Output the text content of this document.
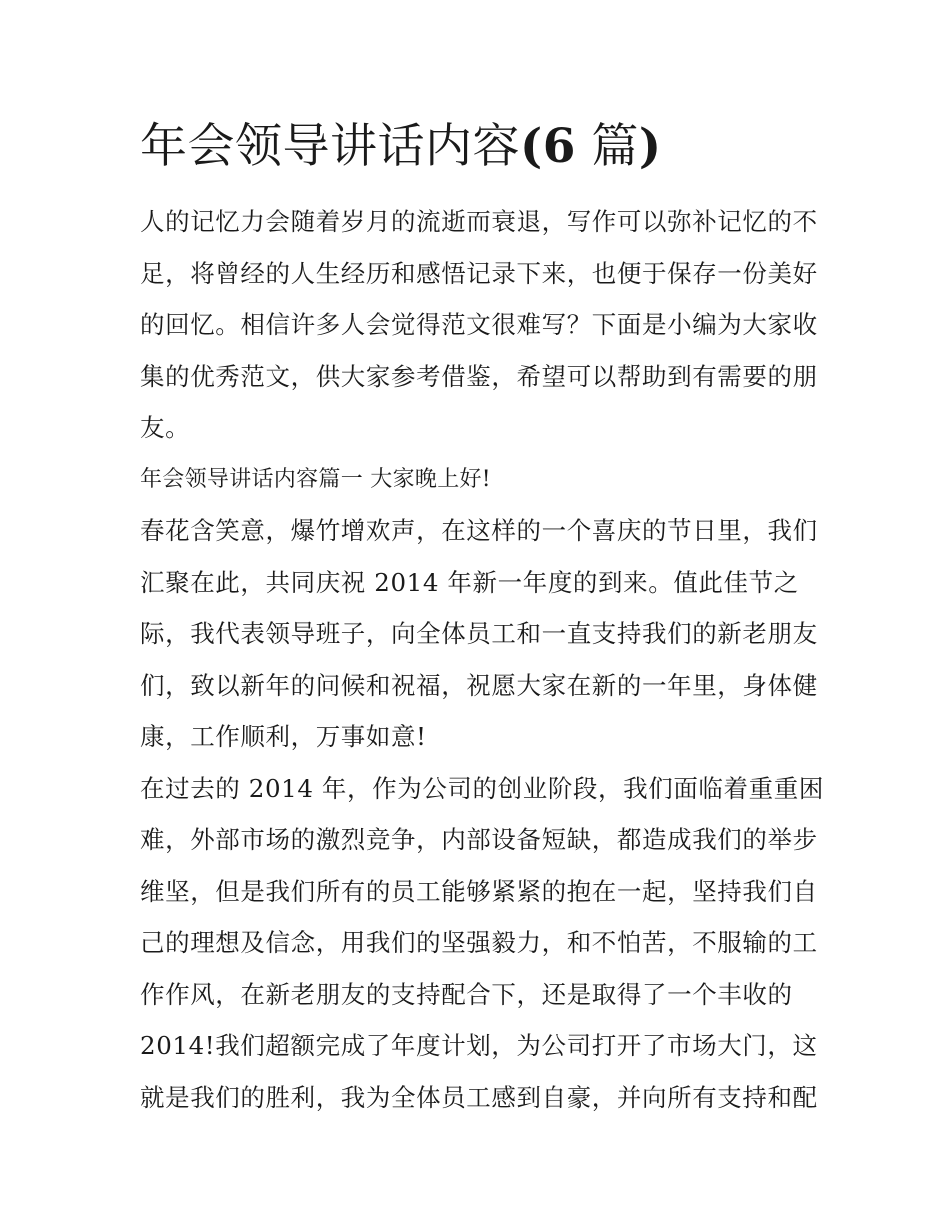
年会领导讲话内容(6 篇)
人的记忆力会随着岁月的流逝而衰退，写作可以弥补记忆的不
足，将曾经的人生经历和感悟记录下来，也便于保存一份美好
的回忆。相信许多人会觉得范文很难写？下面是小编为大家收
集的优秀范文，供大家参考借鉴，希望可以帮助到有需要的朋
友。
年会领导讲话内容篇一 大家晚上好!
春花含笑意，爆竹增欢声，在这样的一个喜庆的节日里，我们
汇聚在此，共同庆祝 2014 年新一年度的到来。值此佳节之
际，我代表领导班子，向全体员工和一直支持我们的新老朋友
们，致以新年的问候和祝福，祝愿大家在新的一年里，身体健
康，工作顺利，万事如意!
在过去的 2014 年，作为公司的创业阶段，我们面临着重重困
难，外部市场的激烈竞争，内部设备短缺，都造成我们的举步
维坚，但是我们所有的员工能够紧紧的抱在一起，坚持我们自
己的理想及信念，用我们的坚强毅力，和不怕苦，不服输的工
作作风，在新老朋友的支持配合下，还是取得了一个丰收的
2014!我们超额完成了年度计划，为公司打开了市场大门，这
就是我们的胜利，我为全体员工感到自豪，并向所有支持和配
